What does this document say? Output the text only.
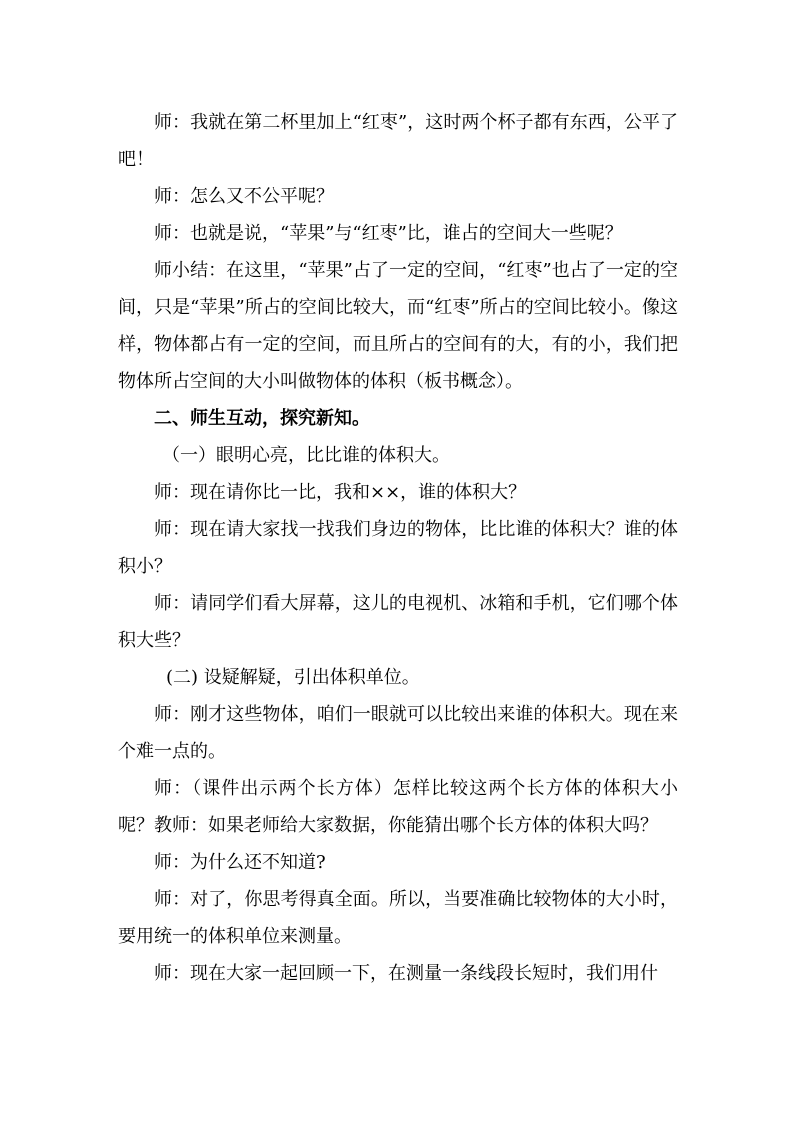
师：我就在第二杯里加上“红枣”，这时两个杯子都有东西，公平了吧！

师：怎么又不公平呢？

师：也就是说，“苹果”与“红枣”比，谁占的空间大一些呢？

师小结：在这里，“苹果”占了一定的空间，“红枣”也占了一定的空间，只是“苹果”所占的空间比较大，而“红枣”所占的空间比较小。像这样，物体都占有一定的空间，而且所占的空间有的大，有的小，我们把物体所占空间的大小叫做物体的体积（板书概念）。

二、师生互动，探究新知。

（一）眼明心亮，比比谁的体积大。

师：现在请你比一比，我和××，谁的体积大？

师：现在请大家找一找我们身边的物体，比比谁的体积大？谁的体积小？

师：请同学们看大屏幕，这儿的电视机、冰箱和手机，它们哪个体积大些？

(二) 设疑解疑，引出体积单位。

师：刚才这些物体，咱们一眼就可以比较出来谁的体积大。现在来个难一点的。

师：（课件出示两个长方体）怎样比较这两个长方体的体积大小呢？教师：如果老师给大家数据，你能猜出哪个长方体的体积大吗？

师：为什么还不知道?

师：对了，你思考得真全面。所以，当要准确比较物体的大小时，要用统一的体积单位来测量。

师：现在大家一起回顾一下，在测量一条线段长短时，我们用什
